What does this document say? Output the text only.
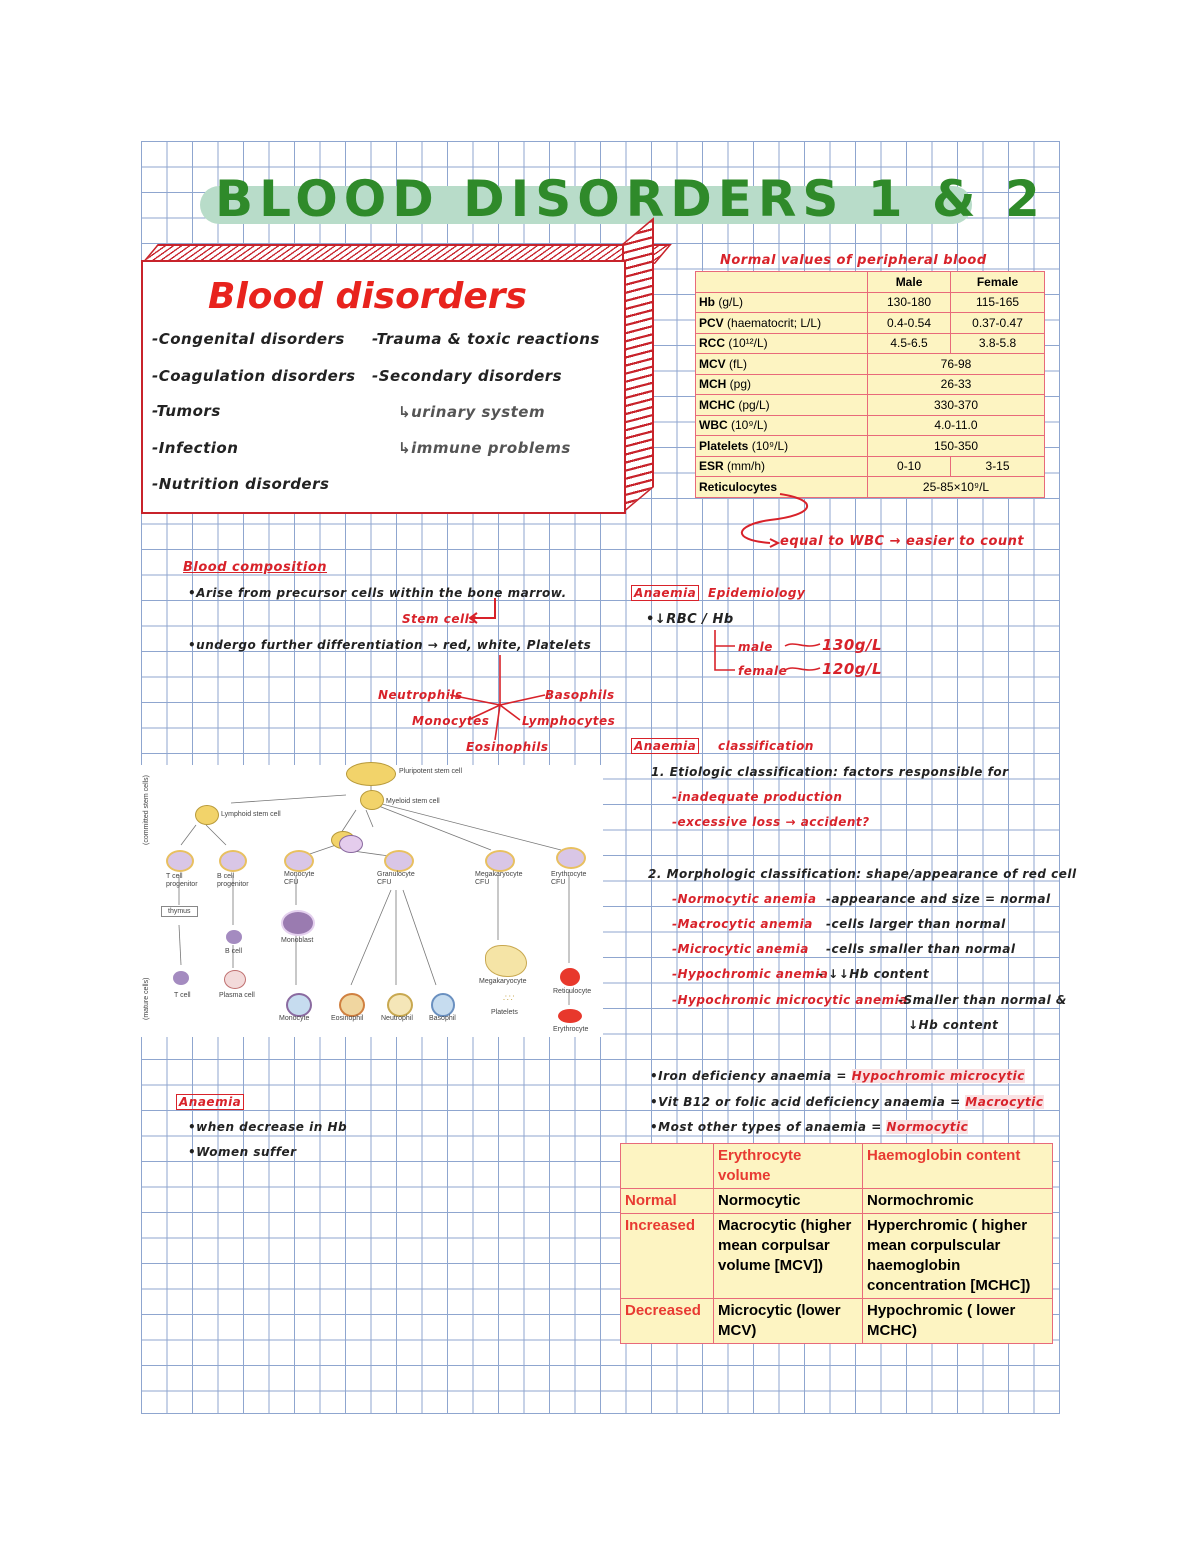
BLOOD DISORDERS 1 & 2
Blood disorders
-Congenital disorders
-Coagulation disorders
-Tumors
-Infection
-Nutrition disorders
-Trauma & toxic reactions
-Secondary disorders
↳urinary system
↳immune problems
Normal values of peripheral blood
	Male	Female
Hb (g/L)	130-180	115-165
PCV (haematocrit; L/L)	0.4-0.54	0.37-0.47
RCC (10¹²/L)	4.5-6.5	3.8-5.8
MCV (fL)	76-98	
MCH (pg)	26-33	
MCHC (pg/L)	330-370	
WBC (10⁹/L)	4.0-11.0	
Platelets (10⁹/L)	150-350	
ESR (mm/h)	0-10	3-15
Reticulocytes	25-85×10⁹/L	
equal to WBC → easier to count
Blood composition
•Arise from precursor cells within the bone marrow.
Stem cells
•undergo further differentiation → red, white, Platelets
Neutrophils	Basophils
Monocytes	Lymphocytes
Eosinophils
Pluripotent stem cell
Myeloid stem cell
Lymphoid stem cell
(committed stem cells)
(mature cells)
T cell progenitor
B cell progenitor
Monocyte CFU
Granulocyte CFU
Megakaryocyte CFU
Erythrocyte CFU
thymus
Monoblast
B cell
T cell	Plasma cell
Monocyte	Eosinophil	Neutrophil Basophil
Megakaryocyte
∴∵
Platelets
Reticulocyte
Erythrocyte
Anaemia
•when decrease in Hb
•Women suffer
Anaemia Epidemiology
•↓RBC / Hb
male	130g/L
female 120g/L
Anaemia classification
1. Etiologic classification: factors responsible for
-inadequate production
-excessive loss → accident?
2. Morphologic classification: shape/appearance of red cell
-Normocytic anemia -appearance and size = normal
-Macrocytic anemia -cells larger than normal
-Microcytic anemia -cells smaller than normal
-Hypochromic anemia
- ↓↓Hb content
-Hypochromic microcytic anemia
-Smaller than normal &
↓Hb content
•Iron deficiency anaemia = Hypochromic microcytic
•Vit B12 or folic acid deficiency anaemia = Macrocytic
•Most other types of anaemia = Normocytic
	Erythrocyte volume	Haemoglobin content
Normal	Normocytic	Normochromic
Increased	Macrocytic (higher mean corpulsar volume [MCV])	Hyperchromic ( higher mean corpulscular haemoglobin concentration [MCHC])
Decreased	Microcytic (lower MCV)	Hypochromic ( lower MCHC)
